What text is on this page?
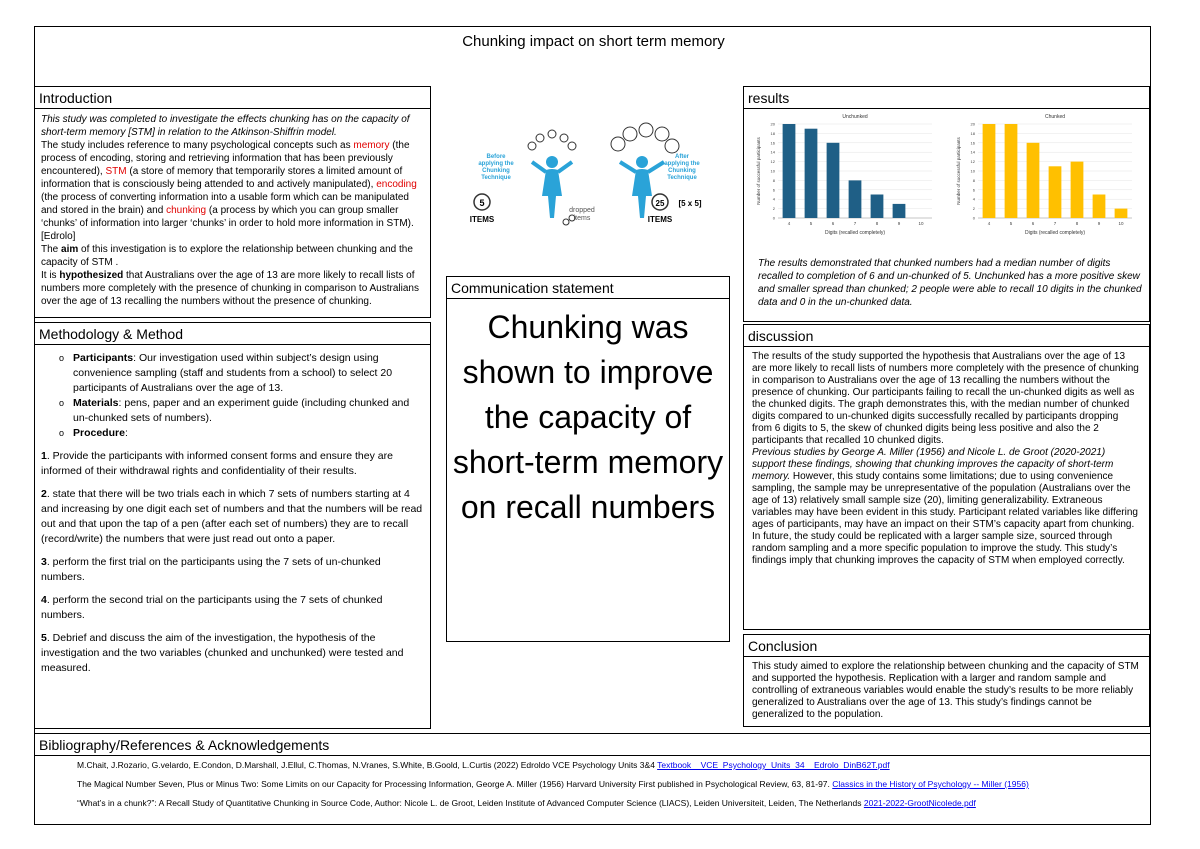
Chunking impact on short term memory
Introduction
This study was completed to investigate the effects chunking has on the capacity of short-term memory [STM] in relation to the Atkinson-Shiffrin model.
The study includes reference to many psychological concepts such as memory (the process of encoding, storing and retrieving information that has been previously encountered), STM (a store of memory that temporarily stores a limited amount of information that is consciously being attended to and actively manipulated), encoding (the process of converting information into a usable form which can be manipulated and stored in the brain) and chunking (a process by which you can group smaller ‘chunks’ of information into larger ‘chunks’ in order to hold more information in STM). [Edrolo]
The aim of this investigation is to explore the relationship between chunking and the capacity of STM .
It is hypothesized that Australians over the age of 13 are more likely to recall lists of numbers more completely with the presence of chunking in comparison to Australians over the age of 13 recalling the numbers without the presence of chunking.
Before applying the Chunking Technique
After applying the Chunking Technique
5
ITEMS
25
ITEMS
[5 x 5]
dropped items
Methodology & Method
o Participants: Our investigation used within subject’s design using convenience sampling (staff and students from a school) to select 20 participants of Australians over the age of 13.
o Materials: pens, paper and an experiment guide (including chunked and un-chunked sets of numbers).
o Procedure:

1. Provide the participants with informed consent forms and ensure they are informed of their withdrawal rights and confidentiality of their results.

2. state that there will be two trials each in which 7 sets of numbers starting at 4 and increasing by one digit each set of numbers and that the numbers will be read out and that upon the tap of a pen (after each set of numbers) they are to recall (record/write) the numbers that were just read out onto a paper.

3. perform the first trial on the participants using the 7 sets of un-chunked numbers.

4. perform the second trial on the participants using the 7 sets of chunked numbers.

5. Debrief and discuss the aim of the investigation, the hypothesis of the investigation and the two variables (chunked and unchunked) were tested and measured.

Communication statement
Chunking was shown to improve the capacity of short-term memory on recall numbers
results
Unchunked
0
2
4
6
8
10
12
14
16
18
20
4	5	6	7	8	9	10
Digits (recalled completely)
Number of successful participants
Chunked
0
2
4
6
8
10
12
14
16
18
20
4	5	6	7	8	9	10
Digits (recalled completely)
Number of successful participants
The results demonstrated that chunked numbers had a median number of digits recalled to completion of 6 and un-chunked of 5. Unchunked has a more positive skew and smaller spread than chunked; 2 people were able to recall 10 digits in the chunked data and 0 in the un-chunked data.
discussion
The results of the study supported the hypothesis that Australians over the age of 13 are more likely to recall lists of numbers more completely with the presence of chunking in comparison to Australians over the age of 13 recalling the numbers without the presence of chunking. Our participants failing to recall the un-chunked digits as well as the chunked digits. The graph demonstrates this, with the median number of chunked digits compared to un-chunked digits successfully recalled by participants dropping from 6 digits to 5, the skew of chunked digits being less positive and also the 2 participants that recalled 10 chunked digits.
Previous studies by George A. Miller (1956) and Nicole L. de Groot (2020-2021) support these findings, showing that chunking improves the capacity of short-term memory. However, this study contains some limitations; due to using convenience sampling, the sample may be unrepresentative of the population (Australians over the age of 13) relatively small sample size (20), limiting generalizability. Extraneous variables may have been evident in this study. Participant related variables like differing ages of participants, may have an impact on their STM’s capacity apart from chunking. In future, the study could be replicated with a larger sample size, sourced through random sampling and a more specific population to improve the study. This study’s findings imply that chunking improves the capacity of STM when employed correctly.
Conclusion
This study aimed to explore the relationship between chunking and the capacity of STM and supported the hypothesis. Replication with a larger and random sample and controlling of extraneous variables would enable the study’s results to be more reliably generalized to Australians over the age of 13. This study’s findings cannot be generalized to the population.
Bibliography/References & Acknowledgements

M.Chait, J.Rozario, G.velardo, E.Condon, D.Marshall, J.Ellul, C.Thomas, N.Vranes, S.White, B.Goold, L.Curtis (2022) Edroldo VCE Psychology Units 3&4 Textbook__VCE_Psychology_Units_34__Edrolo_DinB62T.pdf

The Magical Number Seven, Plus or Minus Two: Some Limits on our Capacity for Processing Information, George A. Miller (1956) Harvard University First published in Psychological Review, 63, 81-97. Classics in the History of Psychology -- Miller (1956)

“What’s in a chunk?”: A Recall Study of Quantitative Chunking in Source Code, Author: Nicole L. de Groot, Leiden Institute of Advanced Computer Science (LIACS), Leiden Universiteit, Leiden, The Netherlands 2021-2022-GrootNicolede.pdf
